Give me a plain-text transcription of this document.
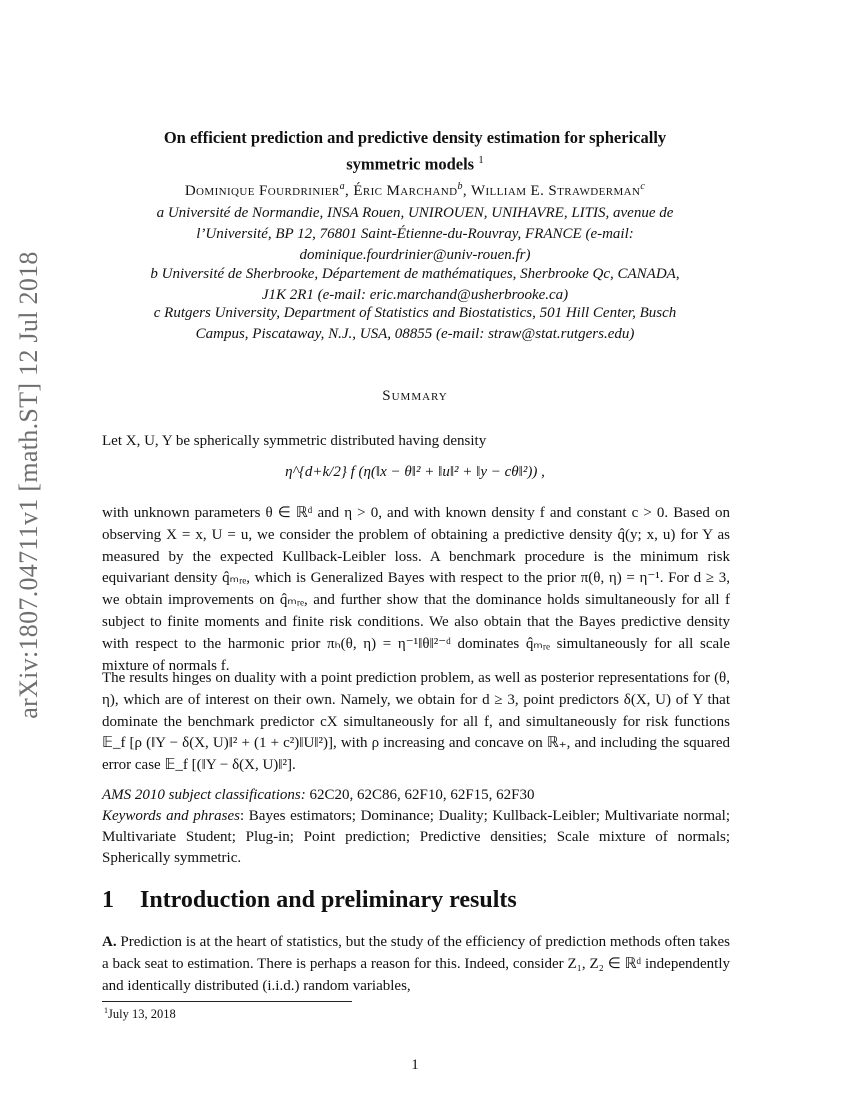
arXiv:1807.04711v1 [math.ST] 12 Jul 2018
On efficient prediction and predictive density estimation for spherically
symmetric models $^1$
Dominique Fourdrinier$^a$, Éric Marchand$^b$, William E. Strawderman$^c$
a Université de Normandie, INSA Rouen, UNIROUEN, UNIHAVRE, LITIS, avenue de
l’Université, BP 12, 76801 Saint-Étienne-du-Rouvray, FRANCE (e-mail:
dominique.fourdrinier@univ-rouen.fr)
b Université de Sherbrooke, Département de mathématiques, Sherbrooke Qc, CANADA,
J1K 2R1 (e-mail: eric.marchand@usherbrooke.ca)
c Rutgers University, Department of Statistics and Biostatistics, 501 Hill Center, Busch
Campus, Piscataway, N.J., USA, 08855 (e-mail: straw@stat.rutgers.edu)
Summary
Let X, U, Y be spherically symmetric distributed having density
η^{d+k/2} f (η(‖x − θ‖² + ‖u‖² + ‖y − cθ‖²)) ,
with unknown parameters θ ∈ ℝᵈ and η > 0, and with known density f and constant c > 0. Based on observing X = x, U = u, we consider the problem of obtaining a predictive density q̂(y; x, u) for Y as measured by the expected Kullback-Leibler loss. A benchmark procedure is the minimum risk equivariant density q̂ₘᵣₑ, which is Generalized Bayes with respect to the prior π(θ, η) = η⁻¹. For d ≥ 3, we obtain improvements on q̂ₘᵣₑ, and further show that the dominance holds simultaneously for all f subject to finite moments and finite risk conditions. We also obtain that the Bayes predictive density with respect to the harmonic prior πₕ(θ, η) = η⁻¹‖θ‖²⁻ᵈ dominates q̂ₘᵣₑ simultaneously for all scale mixture of normals f.
The results hinges on duality with a point prediction problem, as well as posterior representations for (θ, η), which are of interest on their own. Namely, we obtain for d ≥ 3, point predictors δ(X, U) of Y that dominate the benchmark predictor cX simultaneously for all f, and simultaneously for risk functions 𝔼_f [ρ (‖Y − δ(X, U)‖² + (1 + c²)‖U‖²)], with ρ increasing and concave on ℝ₊, and including the squared error case 𝔼_f [(‖Y − δ(X, U)‖²].
AMS 2010 subject classifications: 62C20, 62C86, 62F10, 62F15, 62F30
Keywords and phrases: Bayes estimators; Dominance; Duality; Kullback-Leibler; Multivariate normal; Multivariate Student; Plug-in; Point prediction; Predictive densities; Scale mixture of normals; Spherically symmetric.
1 Introduction and preliminary results
A. Prediction is at the heart of statistics, but the study of the efficiency of prediction methods often takes a back seat to estimation. There is perhaps a reason for this. Indeed, consider Z₁, Z₂ ∈ ℝᵈ independently and identically distributed (i.i.d.) random variables,
$^1$July 13, 2018
1
